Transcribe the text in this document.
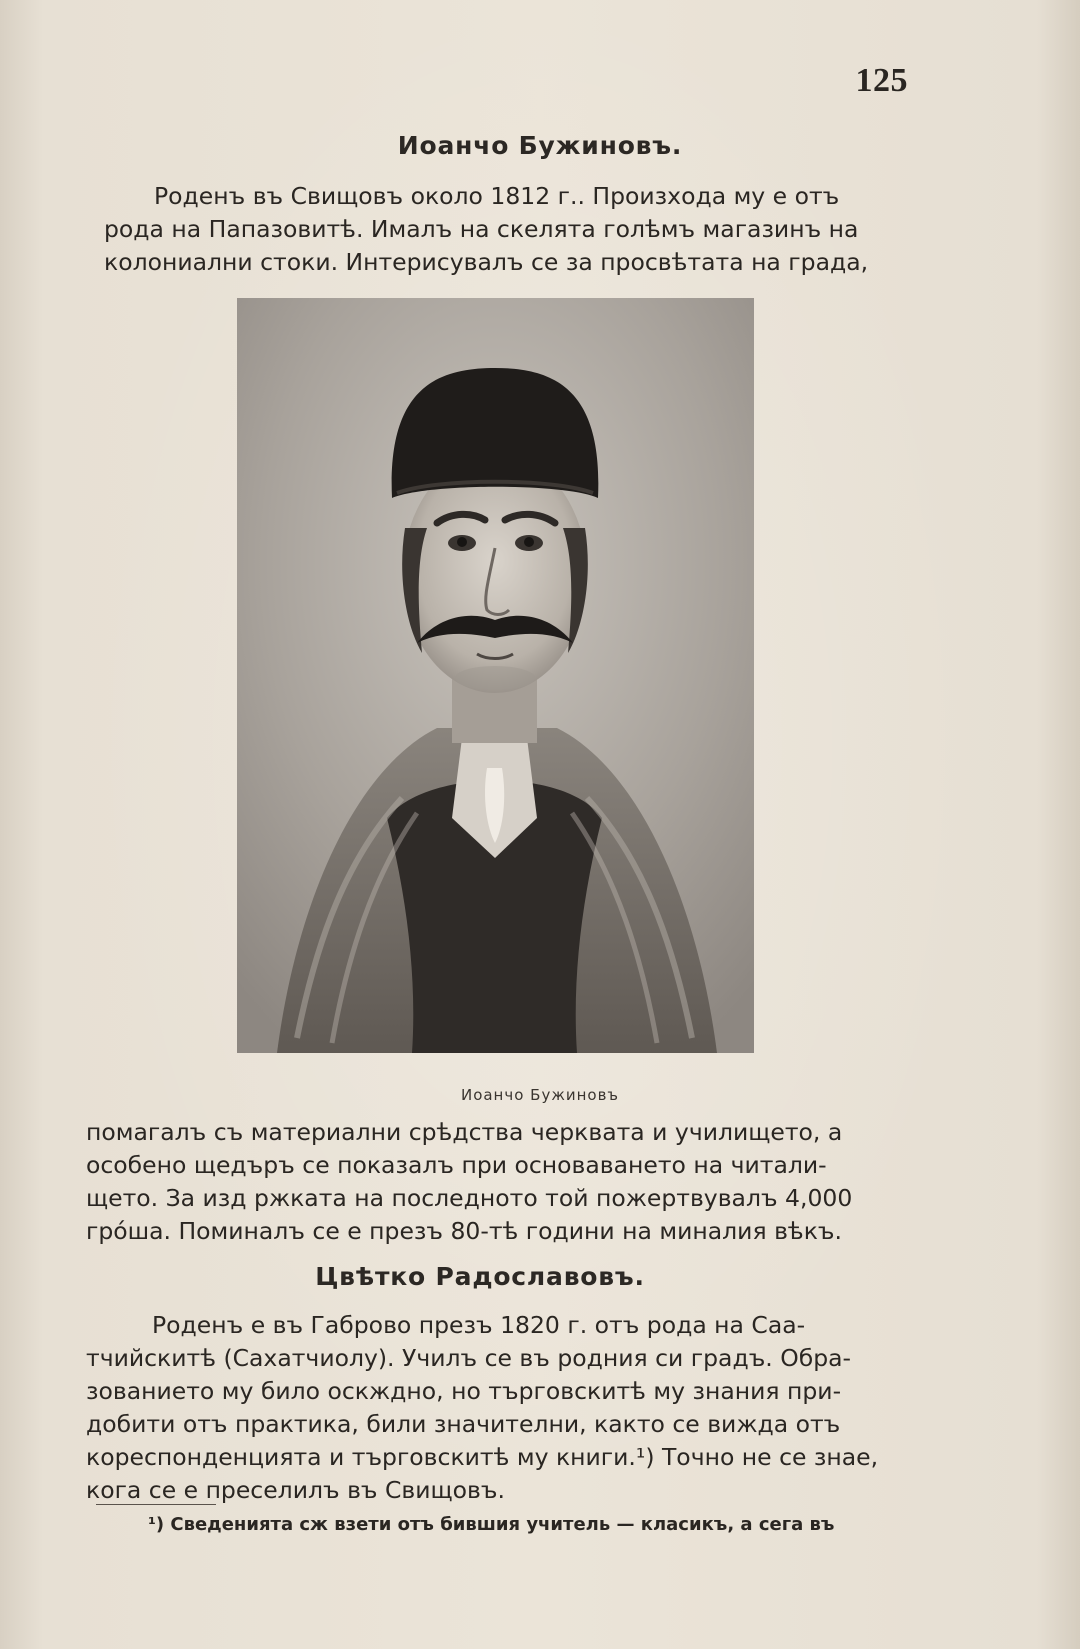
125
Иоанчо Бужиновъ.
Роденъ въ Свищовъ около 1812 г.. Произхода му е отъ
рода на Папазовитѣ. Ималъ на скелята голѣмъ магазинъ на
колониални стоки. Интерисувалъ се за просвѣтата на града,
Иоанчо Бужиновъ
помагалъ съ материални срѣдства черквата и училището, а
особено щедъръ се показалъ при основаването на читали-
щето. За изд ржката на последното той пожертвувалъ 4,000
грóша. Поминалъ се е презъ 80-тѣ години на миналия вѣкъ.
Цвѣтко Радославовъ.
Роденъ е въ Габрово презъ 1820 г. отъ рода на Саа-
тчийскитѣ (Сахатчиолу). Училъ се въ родния си градъ. Обра-
зованието му било оскждно, но търговскитѣ му знания при-
добити отъ практика, били значителни, както се вижда отъ
кореспонденцията и търговскитѣ му книги.¹) Точно не се знае,
кога се е преселилъ въ Свищовъ.
¹) Сведенията сж взети отъ бившия учитель — класикъ, а сега въ
